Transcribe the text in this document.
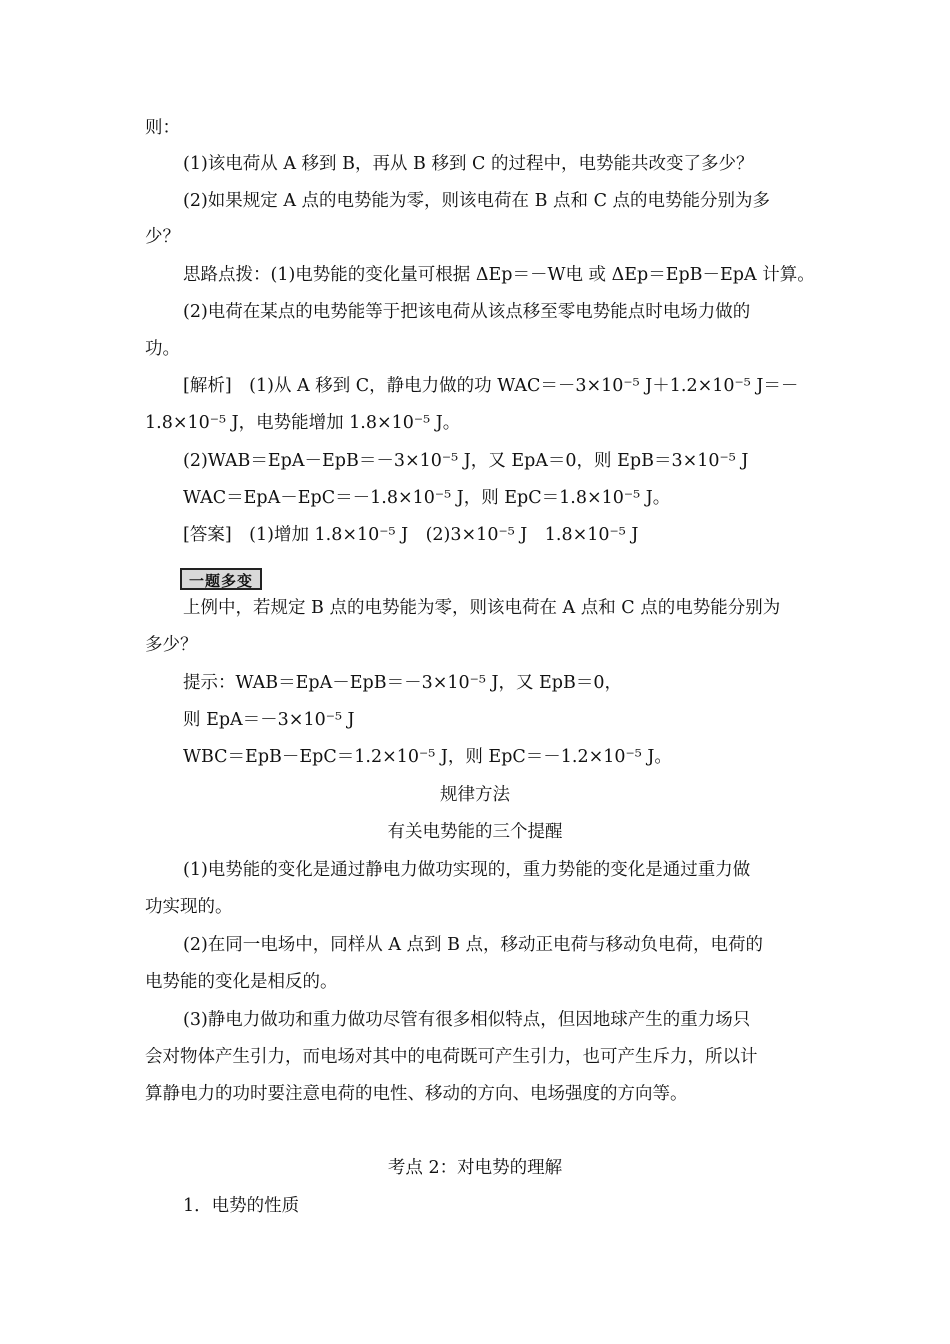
则：
(1)该电荷从 A 移到 B，再从 B 移到 C 的过程中，电势能共改变了多少？
(2)如果规定 A 点的电势能为零，则该电荷在 B 点和 C 点的电势能分别为多
少？
思路点拨：(1)电势能的变化量可根据 ΔEp＝－W电 或 ΔEp＝EpB－EpA 计算。
(2)电荷在某点的电势能等于把该电荷从该点移至零电势能点时电场力做的
功。
[解析]　(1)从 A 移到 C，静电力做的功 WAC＝－3×10⁻⁵ J＋1.2×10⁻⁵ J＝－
1.8×10⁻⁵ J，电势能增加 1.8×10⁻⁵ J。
(2)WAB＝EpA－EpB＝－3×10⁻⁵ J，又 EpA＝0，则 EpB＝3×10⁻⁵ J
WAC＝EpA－EpC＝－1.8×10⁻⁵ J，则 EpC＝1.8×10⁻⁵ J。
[答案]　(1)增加 1.8×10⁻⁵ J　(2)3×10⁻⁵ J　1.8×10⁻⁵ J
一题多变
上例中，若规定 B 点的电势能为零，则该电荷在 A 点和 C 点的电势能分别为
多少？
提示：WAB＝EpA－EpB＝－3×10⁻⁵ J，又 EpB＝0，
则 EpA＝－3×10⁻⁵ J
WBC＝EpB－EpC＝1.2×10⁻⁵ J，则 EpC＝－1.2×10⁻⁵ J。
规律方法
有关电势能的三个提醒
(1)电势能的变化是通过静电力做功实现的，重力势能的变化是通过重力做
功实现的。
(2)在同一电场中，同样从 A 点到 B 点，移动正电荷与移动负电荷，电荷的
电势能的变化是相反的。
(3)静电力做功和重力做功尽管有很多相似特点，但因地球产生的重力场只
会对物体产生引力，而电场对其中的电荷既可产生引力，也可产生斥力，所以计
算静电力的功时要注意电荷的电性、移动的方向、电场强度的方向等。
考点 2：对电势的理解
1．电势的性质
